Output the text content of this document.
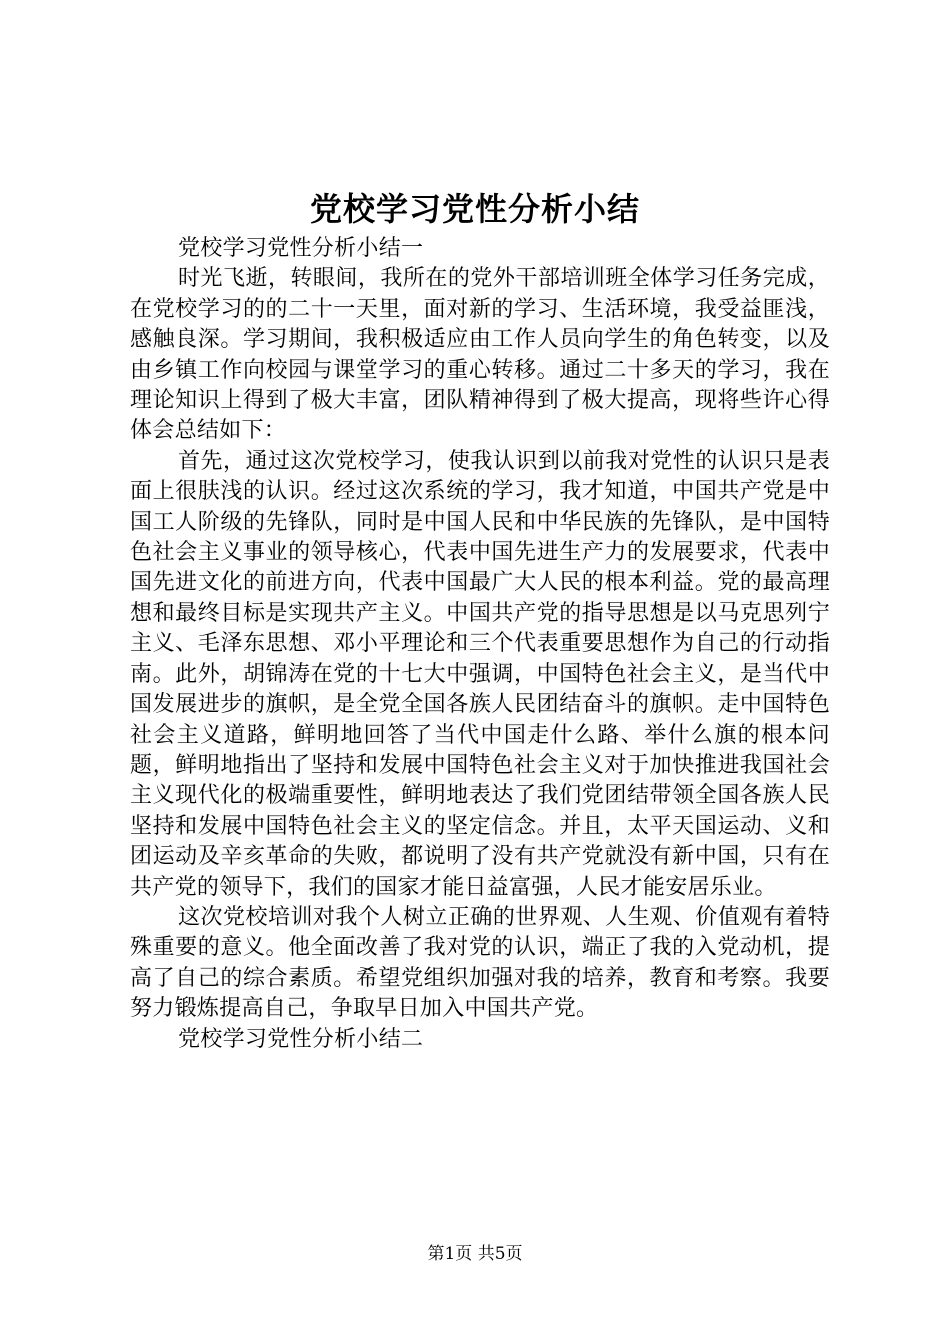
党校学习党性分析小结

党校学习党性分析小结一

时光飞逝，转眼间，我所在的党外干部培训班全体学习任务完成，在党校学习的的二十一天里，面对新的学习、生活环境，我受益匪浅，感触良深。学习期间，我积极适应由工作人员向学生的角色转变，以及由乡镇工作向校园与课堂学习的重心转移。通过二十多天的学习，我在理论知识上得到了极大丰富，团队精神得到了极大提高，现将些许心得体会总结如下：

首先，通过这次党校学习，使我认识到以前我对党性的认识只是表面上很肤浅的认识。经过这次系统的学习，我才知道，中国共产党是中国工人阶级的先锋队，同时是中国人民和中华民族的先锋队，是中国特色社会主义事业的领导核心，代表中国先进生产力的发展要求，代表中国先进文化的前进方向，代表中国最广大人民的根本利益。党的最高理想和最终目标是实现共产主义。中国共产党的指导思想是以马克思列宁主义、毛泽东思想、邓小平理论和三个代表重要思想作为自己的行动指南。此外，胡锦涛在党的十七大中强调，中国特色社会主义，是当代中国发展进步的旗帜，是全党全国各族人民团结奋斗的旗帜。走中国特色社会主义道路，鲜明地回答了当代中国走什么路、举什么旗的根本问题，鲜明地指出了坚持和发展中国特色社会主义对于加快推进我国社会主义现代化的极端重要性，鲜明地表达了我们党团结带领全国各族人民坚持和发展中国特色社会主义的坚定信念。并且，太平天国运动、义和团运动及辛亥革命的失败，都说明了没有共产党就没有新中国，只有在共产党的领导下，我们的国家才能日益富强，人民才能安居乐业。

这次党校培训对我个人树立正确的世界观、人生观、价值观有着特殊重要的意义。他全面改善了我对党的认识，端正了我的入党动机，提高了自己的综合素质。希望党组织加强对我的培养，教育和考察。我要努力锻炼提高自己，争取早日加入中国共产党。

党校学习党性分析小结二

第1页 共5页
